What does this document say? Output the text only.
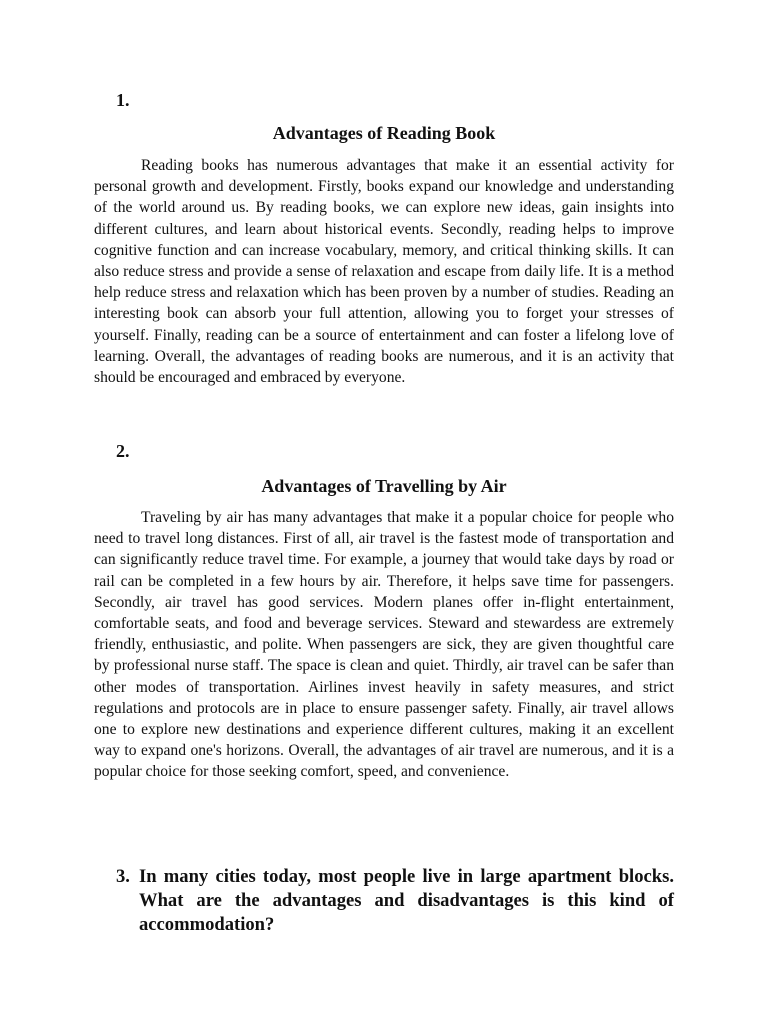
1.

Advantages of Reading Book

Reading books has numerous advantages that make it an essential activity for personal growth and development. Firstly, books expand our knowledge and understanding of the world around us. By reading books, we can explore new ideas, gain insights into different cultures, and learn about historical events. Secondly, reading helps to improve cognitive function and can increase vocabulary, memory, and critical thinking skills. It can also reduce stress and provide a sense of relaxation and escape from daily life. It is a method help reduce stress and relaxation which has been proven by a number of studies. Reading an interesting book can absorb your full attention, allowing you to forget your stresses of yourself. Finally, reading can be a source of entertainment and can foster a lifelong love of learning. Overall, the advantages of reading books are numerous, and it is an activity that should be encouraged and embraced by everyone.

2.

Advantages of Travelling by Air

Traveling by air has many advantages that make it a popular choice for people who need to travel long distances. First of all, air travel is the fastest mode of transportation and can significantly reduce travel time. For example, a journey that would take days by road or rail can be completed in a few hours by air. Therefore, it helps save time for passengers. Secondly, air travel has good services. Modern planes offer in-flight entertainment, comfortable seats, and food and beverage services. Steward and stewardess are extremely friendly, enthusiastic, and polite. When passengers are sick, they are given thoughtful care by professional nurse staff. The space is clean and quiet. Thirdly, air travel can be safer than other modes of transportation. Airlines invest heavily in safety measures, and strict regulations and protocols are in place to ensure passenger safety. Finally, air travel allows one to explore new destinations and experience different cultures, making it an excellent way to expand one's horizons. Overall, the advantages of air travel are numerous, and it is a popular choice for those seeking comfort, speed, and convenience.

3. In many cities today, most people live in large apartment blocks. What are the advantages and disadvantages is this kind of accommodation?
